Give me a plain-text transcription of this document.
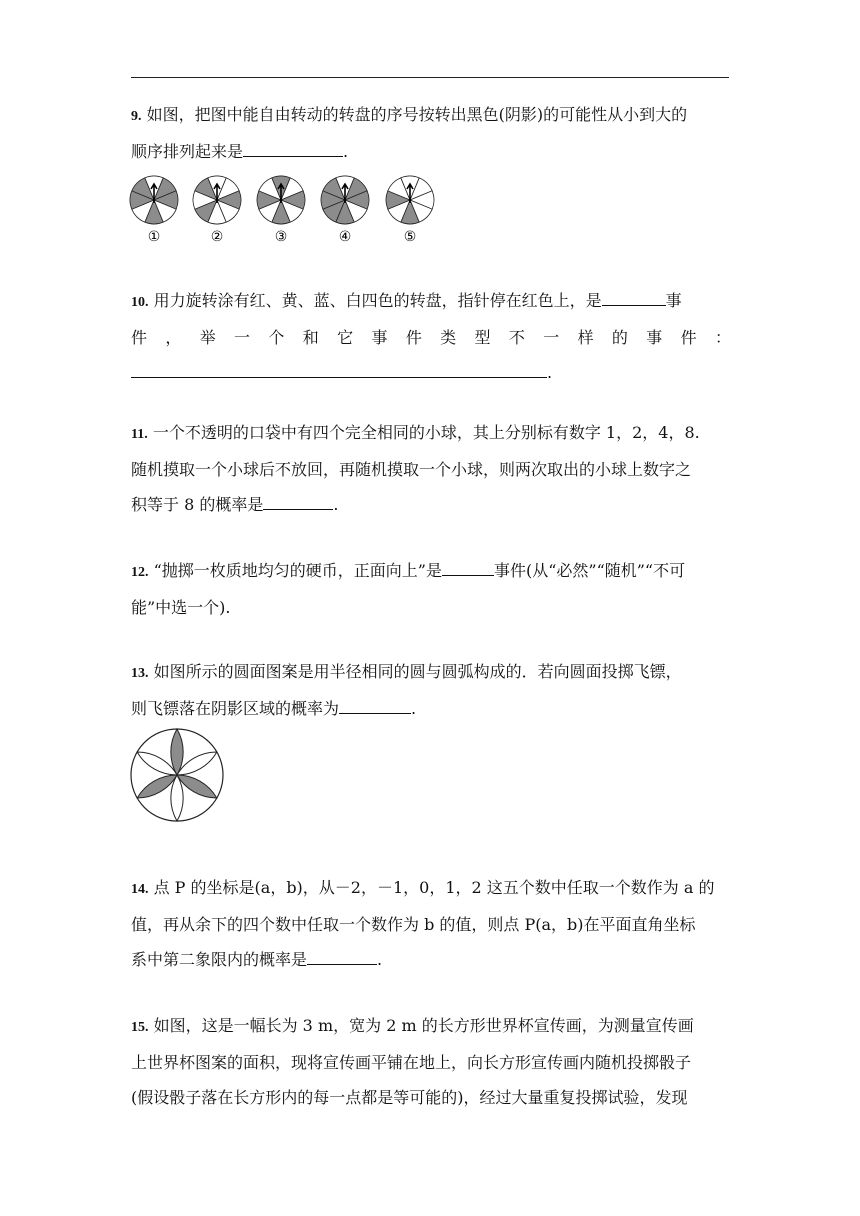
9. 如图，把图中能自由转动的转盘的序号按转出黑色(阴影)的可能性从小到大的
顺序排列起来是	.
①	②	③	④	⑤
10. 用力旋转涂有红、黄、蓝、白四色的转盘，指针停在红色上，是	事
件 ， 举 一 个 和 它 事 件 类 型 不 一 样 的 事 件 ：
.
11. 一个不透明的口袋中有四个完全相同的小球，其上分别标有数字 1，2，4，8.
随机摸取一个小球后不放回，再随机摸取一个小球，则两次取出的小球上数字之
积等于 8 的概率是	.
12. “抛掷一枚质地均匀的硬币，正面向上”是	事件(从“必然”“随机”“不可
能”中选一个).
13. 如图所示的圆面图案是用半径相同的圆与圆弧构成的．若向圆面投掷飞镖，
则飞镖落在阴影区域的概率为	.
14. 点 P 的坐标是(a，b)，从－2，－1，0，1，2 这五个数中任取一个数作为 a 的
值，再从余下的四个数中任取一个数作为 b 的值，则点 P(a，b)在平面直角坐标
系中第二象限内的概率是	.
15. 如图，这是一幅长为 3 m，宽为 2 m 的长方形世界杯宣传画，为测量宣传画
上世界杯图案的面积，现将宣传画平铺在地上，向长方形宣传画内随机投掷骰子
(假设骰子落在长方形内的每一点都是等可能的)，经过大量重复投掷试验，发现
